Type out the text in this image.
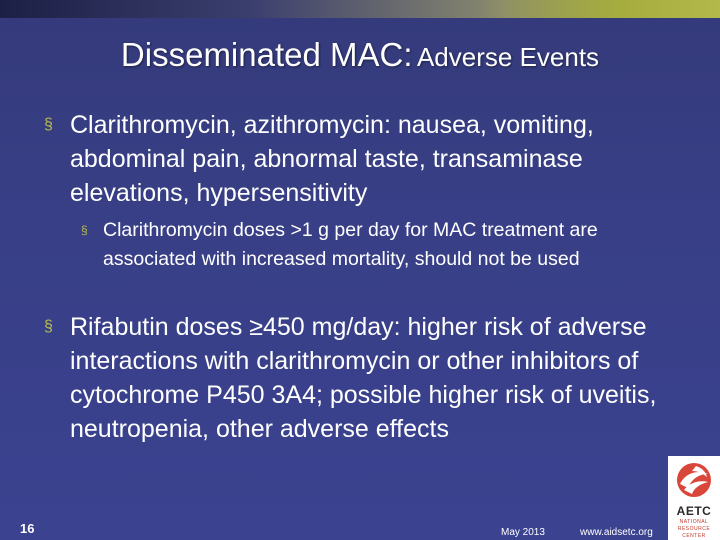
Disseminated MAC: Adverse Events
§ Clarithromycin, azithromycin: nausea, vomiting, abdominal pain, abnormal taste, transaminase elevations, hypersensitivity
§ Clarithromycin doses >1 g per day for MAC treatment are associated with increased mortality, should not be used
§ Rifabutin doses ≥450 mg/day: higher risk of adverse interactions with clarithromycin or other inhibitors of cytochrome P450 3A4; possible higher risk of uveitis, neutropenia, other adverse effects
16	May 2013	www.aidsetc.org
AETC
NATIONAL
RESOURCE
CENTER
